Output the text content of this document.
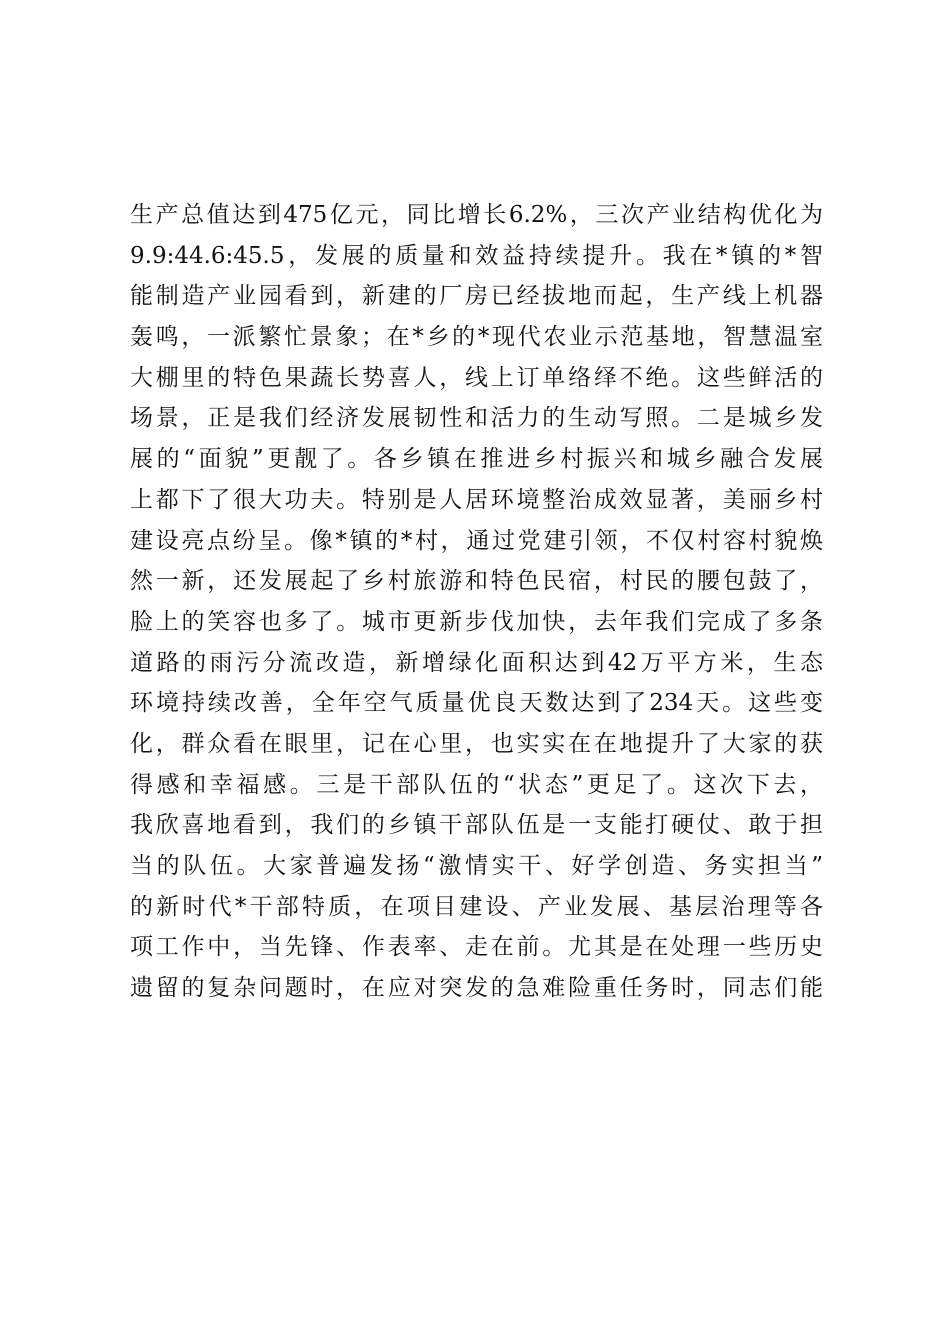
生产总值达到475亿元，同比增长6.2%，三次产业结构优化为
9.9:44.6:45.5，发展的质量和效益持续提升。我在*镇的*智
能制造产业园看到，新建的厂房已经拔地而起，生产线上机器
轰鸣，一派繁忙景象；在*乡的*现代农业示范基地，智慧温室
大棚里的特色果蔬长势喜人，线上订单络绎不绝。这些鲜活的
场景，正是我们经济发展韧性和活力的生动写照。二是城乡发
展的“面貌”更靓了。各乡镇在推进乡村振兴和城乡融合发展
上都下了很大功夫。特别是人居环境整治成效显著，美丽乡村
建设亮点纷呈。像*镇的*村，通过党建引领，不仅村容村貌焕
然一新，还发展起了乡村旅游和特色民宿，村民的腰包鼓了，
脸上的笑容也多了。城市更新步伐加快，去年我们完成了多条
道路的雨污分流改造，新增绿化面积达到42万平方米，生态
环境持续改善，全年空气质量优良天数达到了234天。这些变
化，群众看在眼里，记在心里，也实实在在地提升了大家的获
得感和幸福感。三是干部队伍的“状态”更足了。这次下去，
我欣喜地看到，我们的乡镇干部队伍是一支能打硬仗、敢于担
当的队伍。大家普遍发扬“激情实干、好学创造、务实担当”
的新时代*干部特质，在项目建设、产业发展、基层治理等各
项工作中，当先锋、作表率、走在前。尤其是在处理一些历史
遗留的复杂问题时，在应对突发的急难险重任务时，同志们能
